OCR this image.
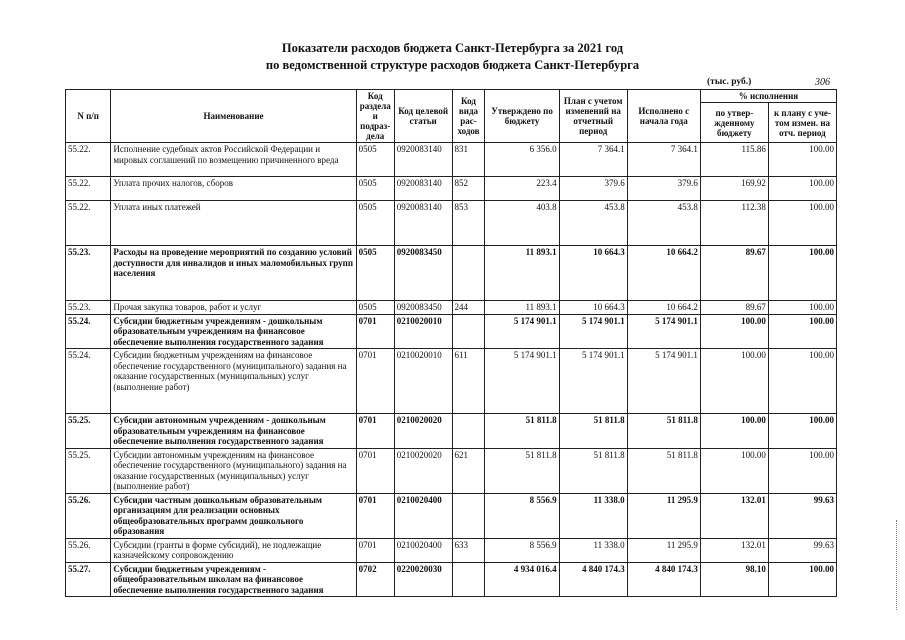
Показатели расходов бюджета Санкт-Петербурга за 2021 год
по ведомственной структуре расходов бюджета Санкт-Петербурга
(тыс. руб.)	306
N п/п	Наименование	Код раздела и подраз-дела	Код целевой статьи	Код вида рас-ходов	Утверждено по бюджету	План с учетом изменений на отчетный период	Исполнено с начала года	% исполнения	
								по утвер-жденному бюджету	к плану с уче-том измен. на отч. период
55.22.	Исполнение судебных актов Российской Федерации и мировых соглашений по возмещению причиненного вреда	0505	0920083140	831	6 356.0	7 364.1	7 364.1	115.86	100.00
55.22.	Уплата прочих налогов, сборов	0505	0920083140	852	223.4	379.6	379.6	169.92	100.00
55.22.	Уплата иных платежей	0505	0920083140	853	403.8	453.8	453.8	112.38	100.00
55.23.	Расходы на проведение мероприятий по созданию условий доступности для инвалидов и иных маломобильных групп населения	0505	0920083450		11 893.1	10 664.3	10 664.2	89.67	100.00
55.23.	Прочая закупка товаров, работ и услуг	0505	0920083450	244	11 893.1	10 664.3	10 664.2	89.67	100.00
55.24.	Субсидии бюджетным учреждениям - дошкольным образовательным учреждениям на финансовое обеспечение выполнения государственного задания	0701	0210020010		5 174 901.1	5 174 901.1	5 174 901.1	100.00	100.00
55.24.	Субсидии бюджетным учреждениям на финансовое обеспечение государственного (муниципального) задания на оказание государственных (муниципальных) услуг (выполнение работ)	0701	0210020010	611	5 174 901.1	5 174 901.1	5 174 901.1	100.00	100.00
55.25.	Субсидии автономным учреждениям - дошкольным образовательным учреждениям на финансовое обеспечение выполнения государственного задания	0701	0210020020		51 811.8	51 811.8	51 811.8	100.00	100.00
55.25.	Субсидии автономным учреждениям на финансовое обеспечение государственного (муниципального) задания на оказание государственных (муниципальных) услуг (выполнение работ)	0701	0210020020	621	51 811.8	51 811.8	51 811.8	100.00	100.00
55.26.	Субсидии частным дошкольным образовательным организациям для реализации основных общеобразовательных программ дошкольного образования	0701	0210020400		8 556.9	11 338.0	11 295.9	132.01	99.63
55.26.	Субсидии (гранты в форме субсидий), не подлежащие казначейскому сопровождению	0701	0210020400	633	8 556.9	11 338.0	11 295.9	132.01	99.63
55.27.	Субсидии бюджетным учреждениям - общеобразовательным школам на финансовое обеспечение выполнения государственного задания	0702	0220020030		4 934 016.4	4 840 174.3	4 840 174.3	98.10	100.00
